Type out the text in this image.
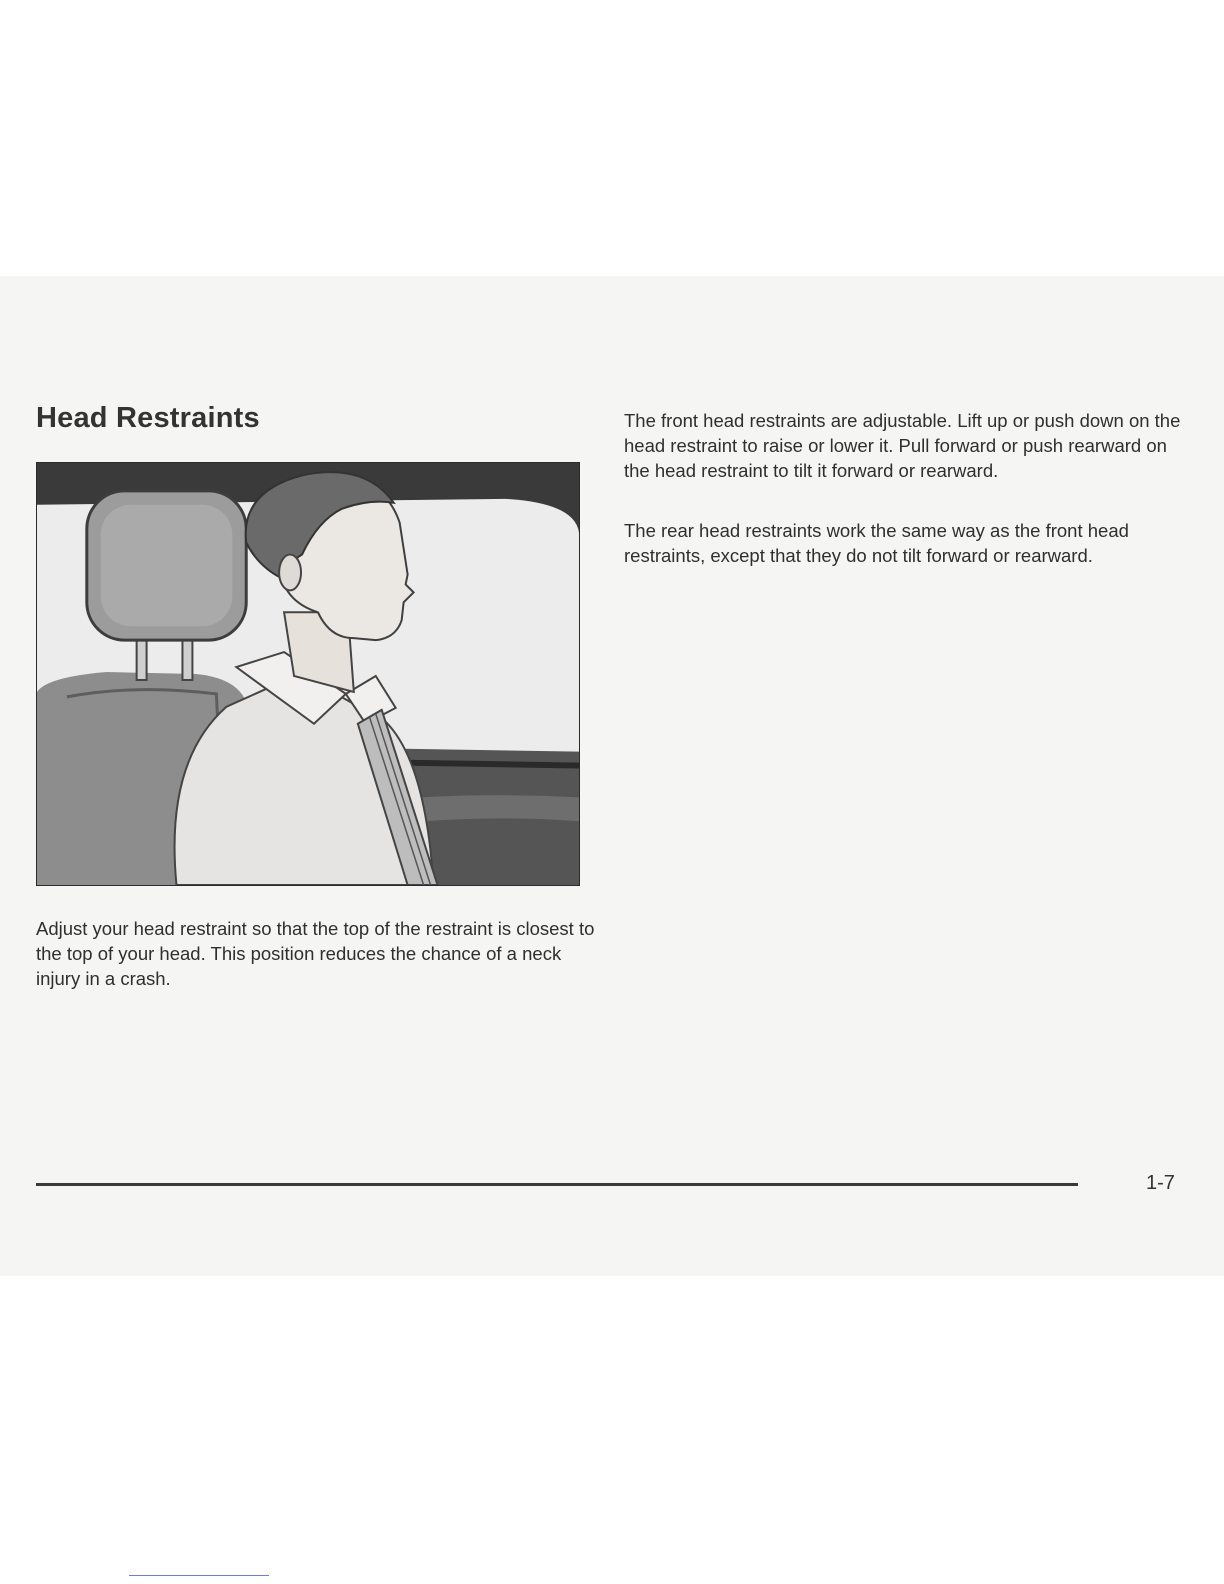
Head Restraints

Adjust your head restraint so that the top of the restraint is closest to the top of your head. This position reduces the chance of a neck injury in a crash.

The front head restraints are adjustable. Lift up or push down on the head restraint to raise or lower it. Pull forward or push rearward on the head restraint to tilt it forward or rearward.

The rear head restraints work the same way as the front head restraints, except that they do not tilt forward or rearward.

1-7
